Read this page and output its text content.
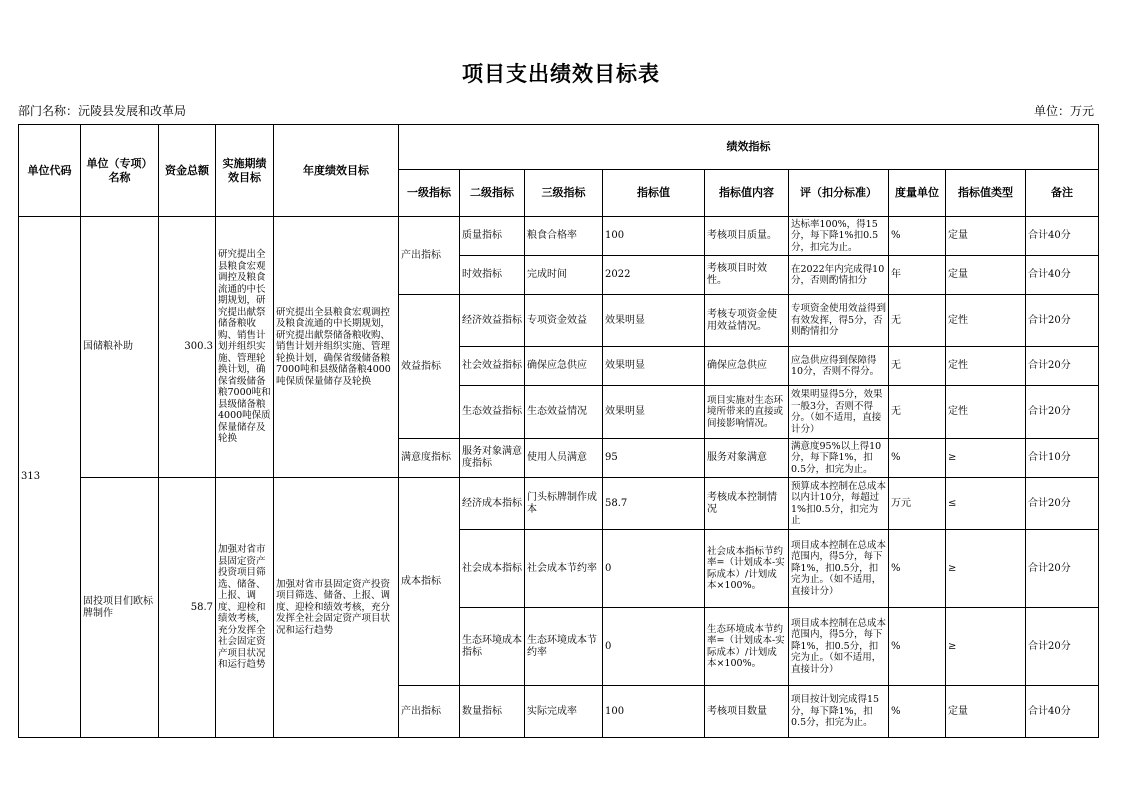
项目支出绩效目标表
部门名称：沅陵县发展和改革局	单位：万元
单位代码	单位（专项）名称	资金总额	实施期绩效目标	年度绩效目标	绩效指标								
					一级指标	二级指标	三级指标	指标值	指标值内容	评（扣分标准）	度量单位	指标值类型	备注
313	国储粮补助	300.3	研究提出全县粮食宏观调控及粮食流通的中长期规划，研究提出献祭储备粮收购、销售计划并组织实施、管理轮换计划，确保省级储备粮7000吨和县级储备粮4000吨保质保量储存及轮换	研究提出全县粮食宏观调控及粮食流通的中长期规划，研究提出献祭储备粮收购、销售计划并组织实施、管理轮换计划，确保省级储备粮7000吨和县级储备粮4000吨保质保量储存及轮换	产出指标	质量指标	粮食合格率	100	考核项目质量。	达标率100%，得15分，每下降1%扣0.5分，扣完为止。	%	定量	合计40分
						时效指标	完成时间	2022	考核项目时效性。	在2022年内完成得10分，否则酌情扣分	年	定量	合计40分
					效益指标	经济效益指标	专项资金效益	效果明显	考核专项资金使用效益情况。	专项资金使用效益得到有效发挥，得5分，否则酌情扣分	无	定性	合计20分
						社会效益指标	确保应急供应	效果明显	确保应急供应	应急供应得到保障得10分，否则不得分。	无	定性	合计20分
						生态效益指标	生态效益情况	效果明显	项目实施对生态环境所带来的直接或间接影响情况。	效果明显得5分，效果一般3分，否则不得分。（如不适用，直接计分）	无	定性	合计20分
					满意度指标	服务对象满意度指标	使用人员满意	95	服务对象满意	满意度95%以上得10分，每下降1%，扣0.5分，扣完为止。	%	≥	合计10分
	固投项目们欧标牌制作	58.7	加强对省市县固定资产投资项目筛选、储备、上报、调度、迎检和绩效考核，充分发挥全社会固定资产项目状况和运行趋势	加强对省市县固定资产投资项目筛选、储备、上报、调度、迎检和绩效考核，充分发挥全社会固定资产项目状况和运行趋势	成本指标	经济成本指标	门头标牌制作成本	58.7	考核成本控制情况	预算成本控制在总成本以内计10分，每超过1%扣0.5分，扣完为止	万元	≤	合计20分
						社会成本指标	社会成本节约率	0	社会成本指标节约率=（计划成本-实际成本）/计划成本×100%。	项目成本控制在总成本范围内，得5分，每下降1%，扣0.5分，扣完为止。（如不适用，直接计分）	%	≥	合计20分
						生态环境成本指标	生态环境成本节约率	0	生态环境成本节约率=（计划成本-实际成本）/计划成本×100%。	项目成本控制在总成本范围内，得5分，每下降1%，扣0.5分，扣完为止。（如不适用，直接计分）	%	≥	合计20分
					产出指标	数量指标	实际完成率	100	考核项目数量	项目按计划完成得15分，每下降1%，扣0.5分，扣完为止。	%	定量	合计40分
